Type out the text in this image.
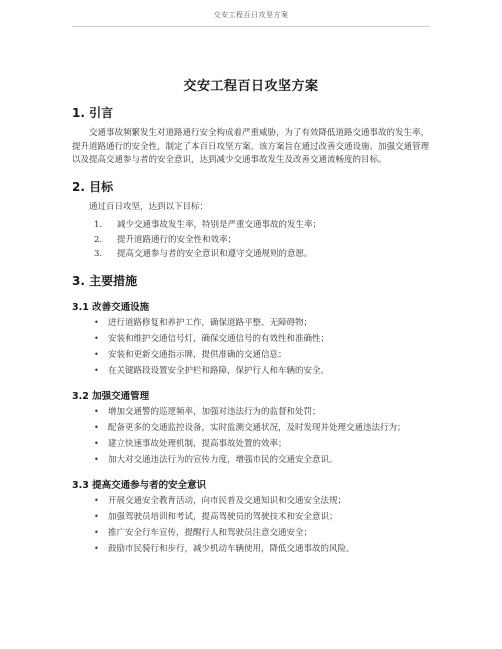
交安工程百日攻坚方案
交安工程百日攻坚方案
1. 引言

交通事故频繁发生对道路通行安全构成着严重威胁，为了有效降低道路交通事故的发生率，提升道路通行的安全性，制定了本百日攻坚方案。该方案旨在通过改善交通设施、加强交通管理以及提高交通参与者的安全意识，达到减少交通事故发生及改善交通流畅度的目标。

2. 目标

通过百日攻坚，达到以下目标：

1. 减少交通事故发生率，特别是严重交通事故的发生率；
2. 提升道路通行的安全性和效率；
3. 提高交通参与者的安全意识和遵守交通规则的意愿。
3. 主要措施
3.1 改善交通设施
• 进行道路修复和养护工作，确保道路平整、无障碍物；
• 安装和维护交通信号灯，确保交通信号的有效性和准确性；
• 安装和更新交通指示牌，提供准确的交通信息；
• 在关键路段设置安全护栏和路障，保护行人和车辆的安全。
3.2 加强交通管理
• 增加交通警的巡逻频率，加强对违法行为的监督和处罚；
• 配备更多的交通监控设备，实时监测交通状况，及时发现并处理交通违法行为；
• 建立快速事故处理机制，提高事故处置的效率；
• 加大对交通违法行为的宣传力度，增强市民的交通安全意识。
3.3 提高交通参与者的安全意识
• 开展交通安全教育活动，向市民普及交通知识和交通安全法规；
• 加强驾驶员培训和考试，提高驾驶员的驾驶技术和安全意识；
• 推广安全行车宣传，提醒行人和驾驶员注意交通安全；
• 鼓励市民骑行和步行，减少机动车辆使用，降低交通事故的风险。
